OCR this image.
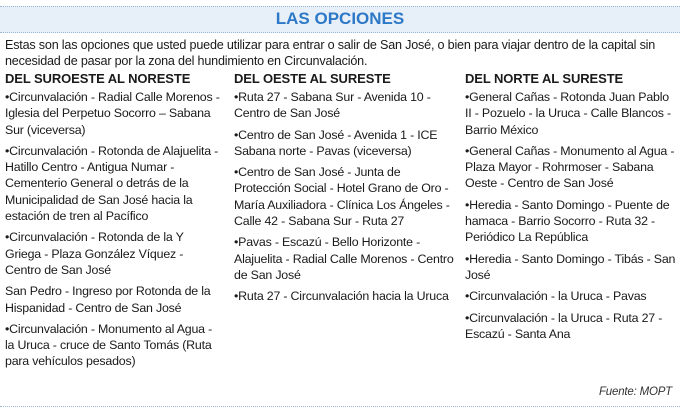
LAS OPCIONES
Estas son las opciones que usted puede utilizar para entrar o salir de San José, o bien para viajar dentro de la capital sin necesidad de pasar por la zona del hundimiento en Circunvalación.
DEL SUROESTE AL NORESTE
•Circunvalación - Radial Calle Morenos - Iglesia del Perpetuo Socorro – Sabana Sur (viceversa)
•Circunvalación - Rotonda de Alajuelita - Hatillo Centro - Antigua Numar - Cementerio General o detrás de la Municipalidad de San José hacia la estación de tren al Pacífico
•Circunvalación - Rotonda de la Y Griega - Plaza González Víquez - Centro de San José
San Pedro - Ingreso por Rotonda de la Hispanidad - Centro de San José
•Circunvalación - Monumento al Agua - la Uruca - cruce de Santo Tomás (Ruta para vehículos pesados)
DEL OESTE AL SURESTE
•Ruta 27 - Sabana Sur - Avenida 10 - Centro de San José
•Centro de San José - Avenida 1 - ICE Sabana norte - Pavas (viceversa)
•Centro de San José - Junta de Protección Social - Hotel Grano de Oro - María Auxiliadora - Clínica Los Ángeles - Calle 42 - Sabana Sur - Ruta 27
•Pavas - Escazú - Bello Horizonte - Alajuelita - Radial Calle Morenos - Centro de San José
•Ruta 27 - Circunvalación hacia la Uruca
DEL NORTE AL SURESTE
•General Cañas - Rotonda Juan Pablo II - Pozuelo - la Uruca - Calle Blancos - Barrio México
•General Cañas - Monumento al Agua - Plaza Mayor - Rohrmoser - Sabana Oeste - Centro de San José
•Heredia - Santo Domingo - Puente de hamaca - Barrio Socorro - Ruta 32 - Periódico La República
•Heredia - Santo Domingo - Tibás - San José
•Circunvalación - la Uruca - Pavas
•Circunvalación - la Uruca - Ruta 27 - Escazú - Santa Ana
Fuente: MOPT
